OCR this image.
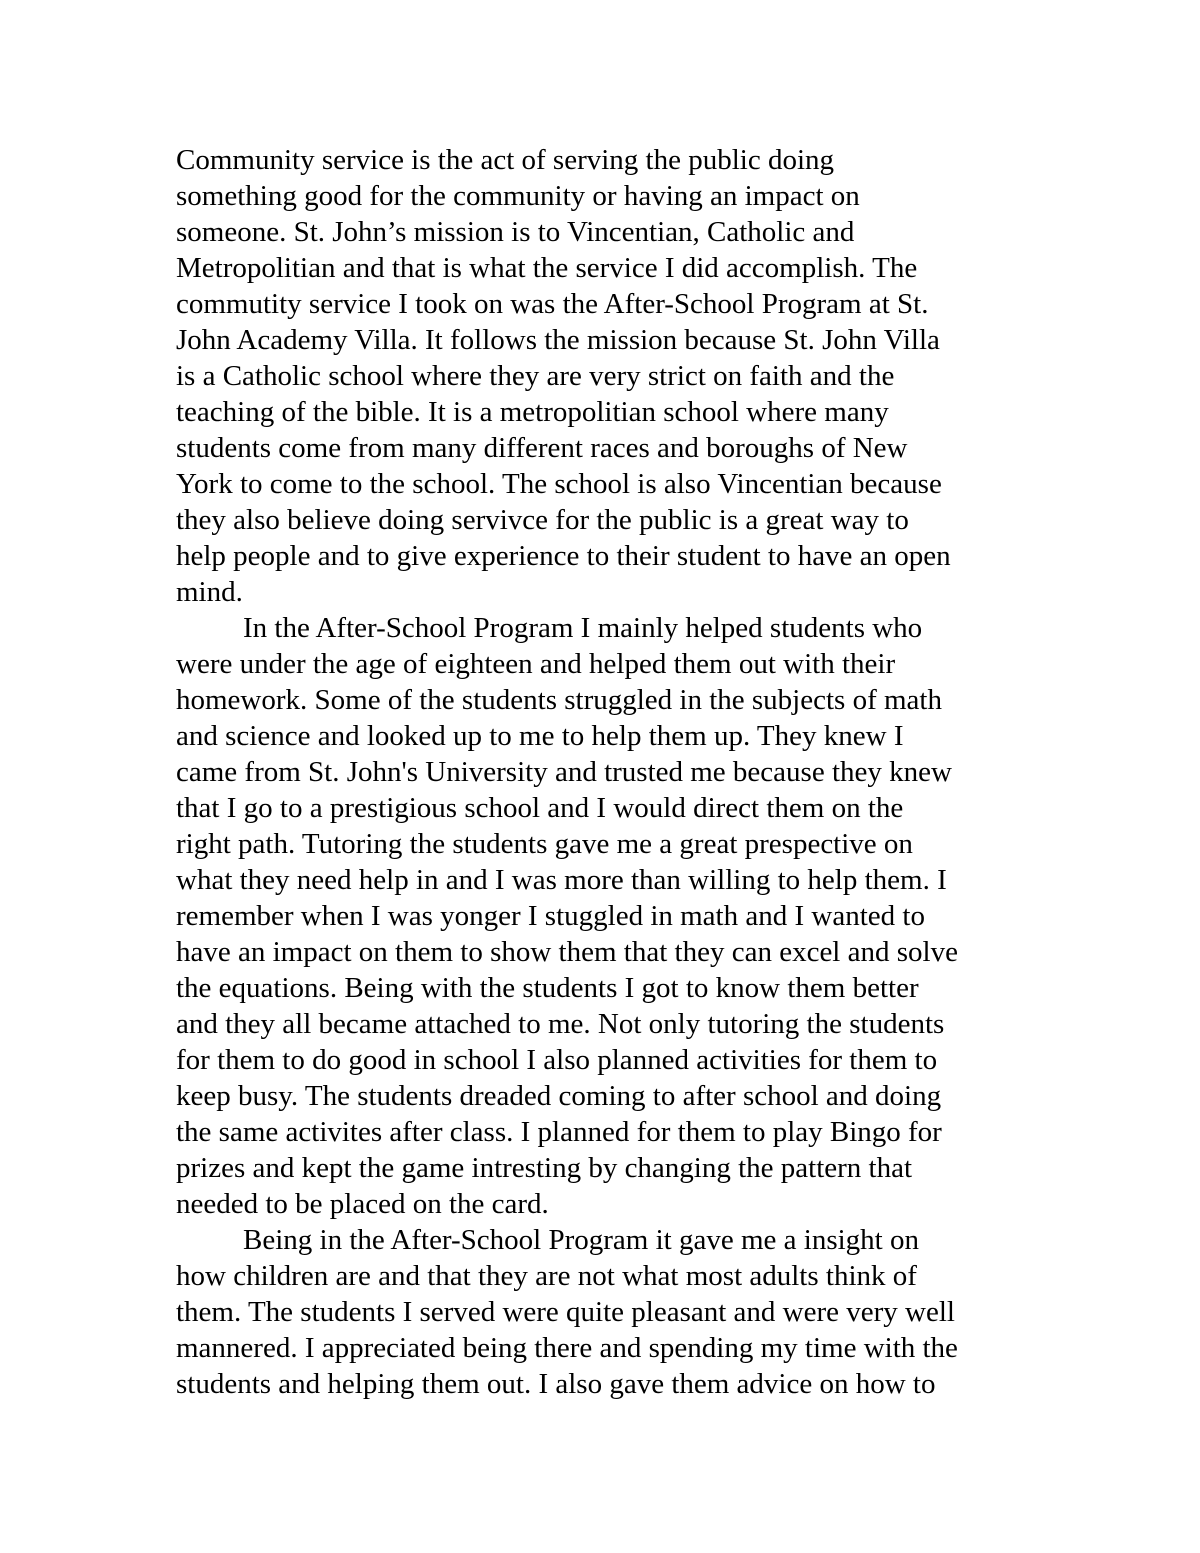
Community service is the act of serving the public doing
something good for the community or having an impact on
someone. St. John’s mission is to Vincentian, Catholic and
Metropolitian and that is what the service I did accomplish. The
commutity service I took on was the After-School Program at St.
John Academy Villa. It follows the mission because St. John Villa
is a Catholic school where they are very strict on faith and the
teaching of the bible. It is a metropolitian school where many
students come from many different races and boroughs of New
York to come to the school. The school is also Vincentian because
they also believe doing servivce for the public is a great way to
help people and to give experience to their student to have an open
mind.
In the After-School Program I mainly helped students who
were under the age of eighteen and helped them out with their
homework. Some of the students struggled in the subjects of math
and science and looked up to me to help them up. They knew I
came from St. John's University and trusted me because they knew
that I go to a prestigious school and I would direct them on the
right path. Tutoring the students gave me a great prespective on
what they need help in and I was more than willing to help them. I
remember when I was yonger I stuggled in math and I wanted to
have an impact on them to show them that they can excel and solve
the equations. Being with the students I got to know them better
and they all became attached to me. Not only tutoring the students
for them to do good in school I also planned activities for them to
keep busy. The students dreaded coming to after school and doing
the same activites after class. I planned for them to play Bingo for
prizes and kept the game intresting by changing the pattern that
needed to be placed on the card.
Being in the After-School Program it gave me a insight on
how children are and that they are not what most adults think of
them. The students I served were quite pleasant and were very well
mannered. I appreciated being there and spending my time with the
students and helping them out. I also gave them advice on how to
